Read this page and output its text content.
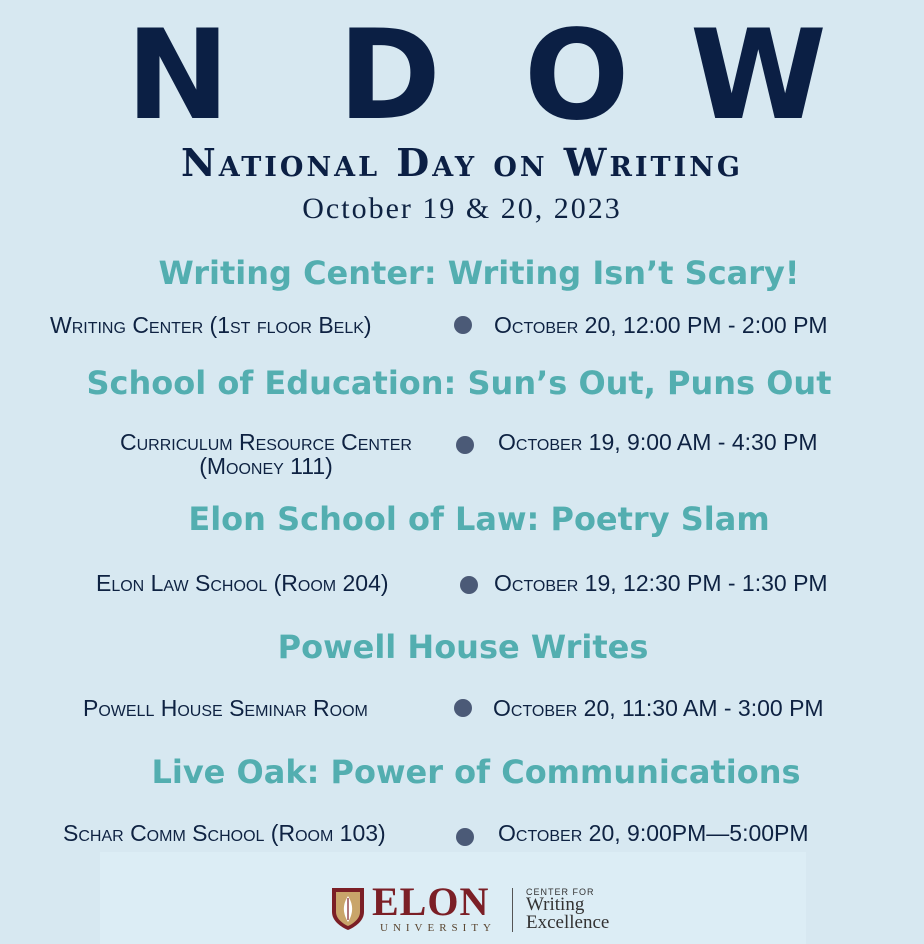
N D O W
National Day on Writing
October 19 & 20, 2023
Writing Center: Writing Isn’t Scary!
Writing Center (1st floor Belk)	October 20, 12:00 PM - 2:00 PM
School of Education: Sun’s Out, Puns Out
Curriculum Resource Center
(Mooney 111)
October 19, 9:00 AM - 4:30 PM
Elon School of Law: Poetry Slam
Elon Law School (Room 204)	October 19, 12:30 PM - 1:30 PM
Powell House Writes
Powell House Seminar Room	October 20, 11:30 AM - 3:00 PM
Live Oak: Power of Communications
Schar Comm School (Room 103)	October 20, 9:00PM—5:00PM
ELON
UNIVERSITY
CENTER FOR
Writing
Excellence
